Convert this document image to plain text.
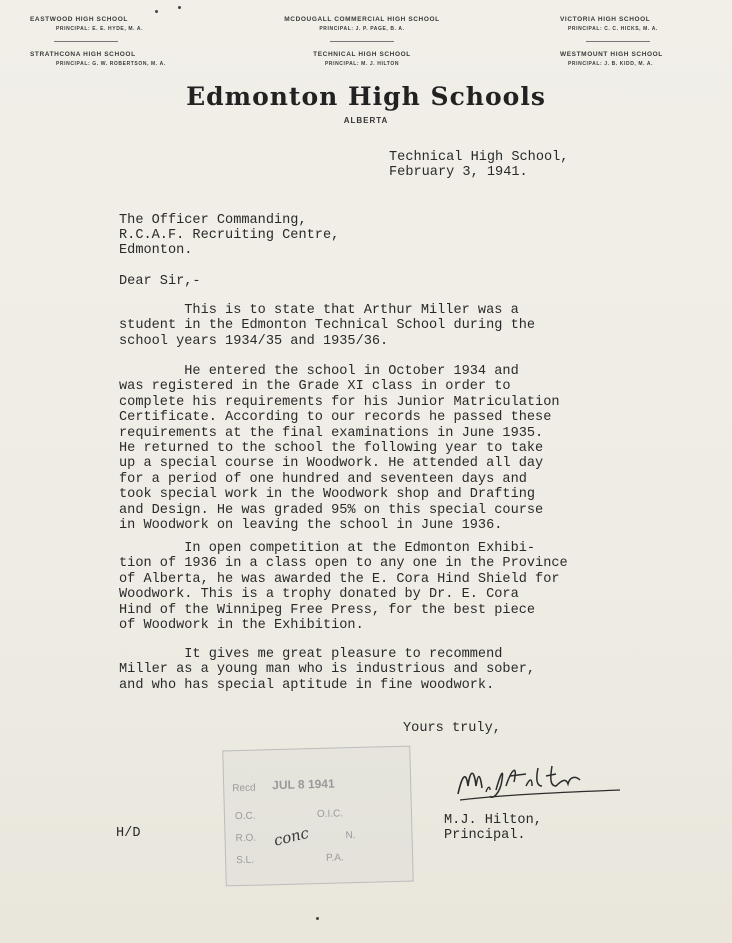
EASTWOOD HIGH SCHOOL
PRINCIPAL: E. E. HYDE, M. A.
MCDOUGALL COMMERCIAL HIGH SCHOOL
PRINCIPAL: J. P. PAGE, B. A.
VICTORIA HIGH SCHOOL
PRINCIPAL: C. C. HICKS, M. A.
STRATHCONA HIGH SCHOOL
PRINCIPAL: G. W. ROBERTSON, M. A.
TECHNICAL HIGH SCHOOL
PRINCIPAL: M. J. HILTON
WESTMOUNT HIGH SCHOOL
PRINCIPAL: J. B. KIDD, M. A.
Edmonton High Schools
ALBERTA
Technical High School,
February 3, 1941.
The Officer Commanding,
R.C.A.F. Recruiting Centre,
Edmonton.
Dear Sir,-
This is to state that Arthur Miller was a
student in the Edmonton Technical School during the
school years 1934/35 and 1935/36.
He entered the school in October 1934 and
was registered in the Grade XI class in order to
complete his requirements for his Junior Matriculation
Certificate. According to our records he passed these
requirements at the final examinations in June 1935.
He returned to the school the following year to take
up a special course in Woodwork. He attended all day
for a period of one hundred and seventeen days and
took special work in the Woodwork shop and Drafting
and Design. He was graded 95% on this special course
in Woodwork on leaving the school in June 1936.
In open competition at the Edmonton Exhibi-
tion of 1936 in a class open to any one in the Province
of Alberta, he was awarded the E. Cora Hind Shield for
Woodwork. This is a trophy donated by Dr. E. Cora
Hind of the Winnipeg Free Press, for the best piece
of Woodwork in the Exhibition.
It gives me great pleasure to recommend
Miller as a young man who is industrious and sober,
and who has special aptitude in fine woodwork.
Yours truly,
Recd JUL 8 1941
O.C.
R.O.
S.L.
O.I.C.
N.
P.A.
conc
M.J. Hilton,
Principal.
H/D
